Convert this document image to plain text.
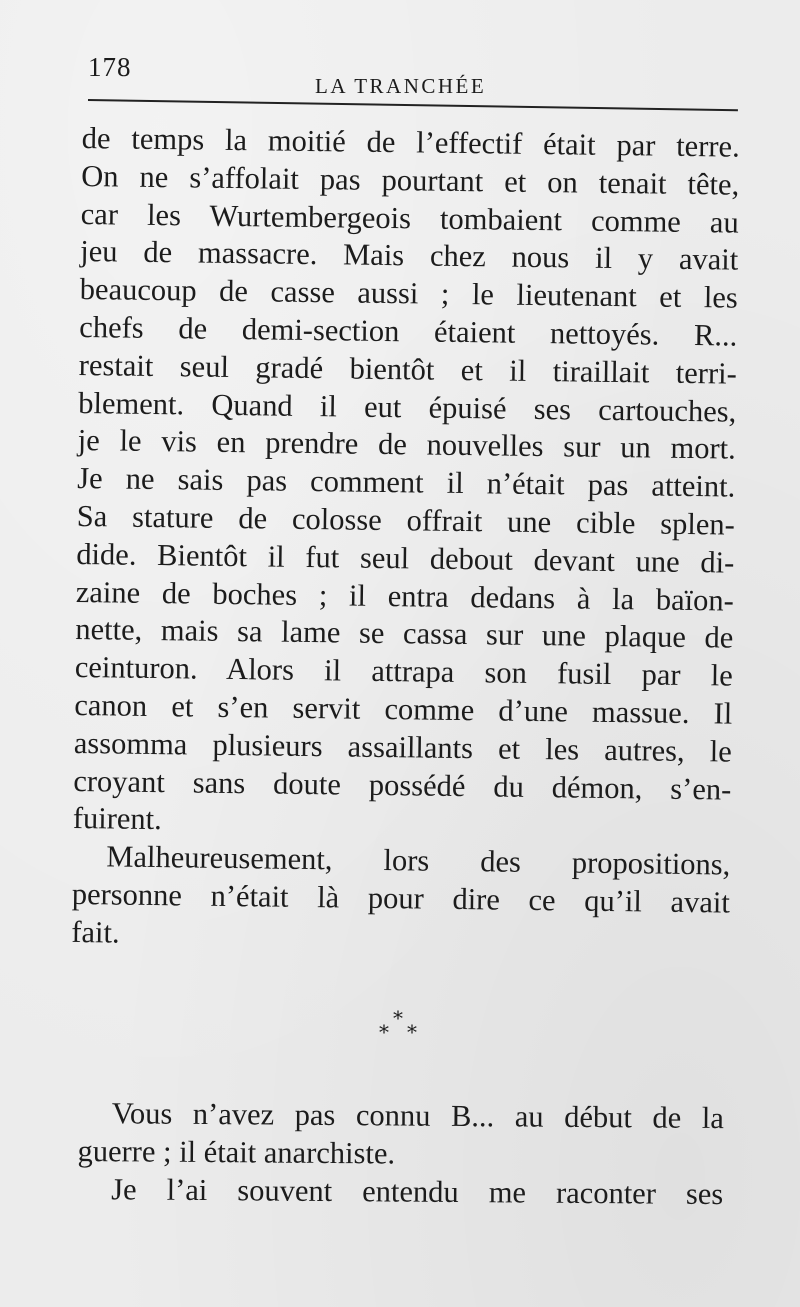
178
LA TRANCHÉE
de temps la moitié de l’effectif était par terre.
On ne s’affolait pas pourtant et on tenait tête,
car les Wurtembergeois tombaient comme au
jeu de massacre. Mais chez nous il y avait
beaucoup de casse aussi ; le lieutenant et les
chefs de demi-section étaient nettoyés. R...
restait seul gradé bientôt et il tiraillait terri-
blement. Quand il eut épuisé ses cartouches,
je le vis en prendre de nouvelles sur un mort.
Je ne sais pas comment il n’était pas atteint.
Sa stature de colosse offrait une cible splen-
dide. Bientôt il fut seul debout devant une di-
zaine de boches ; il entra dedans à la baïon-
nette, mais sa lame se cassa sur une plaque de
ceinturon. Alors il attrapa son fusil par le
canon et s’en servit comme d’une massue. Il
assomma plusieurs assaillants et les autres, le
croyant sans doute possédé du démon, s’en-
fuirent.
Malheureusement, lors des propositions,
personne n’était là pour dire ce qu’il avait
fait.
*
* *
Vous n’avez pas connu B... au début de la
guerre ; il était anarchiste.
Je l’ai souvent entendu me raconter ses
